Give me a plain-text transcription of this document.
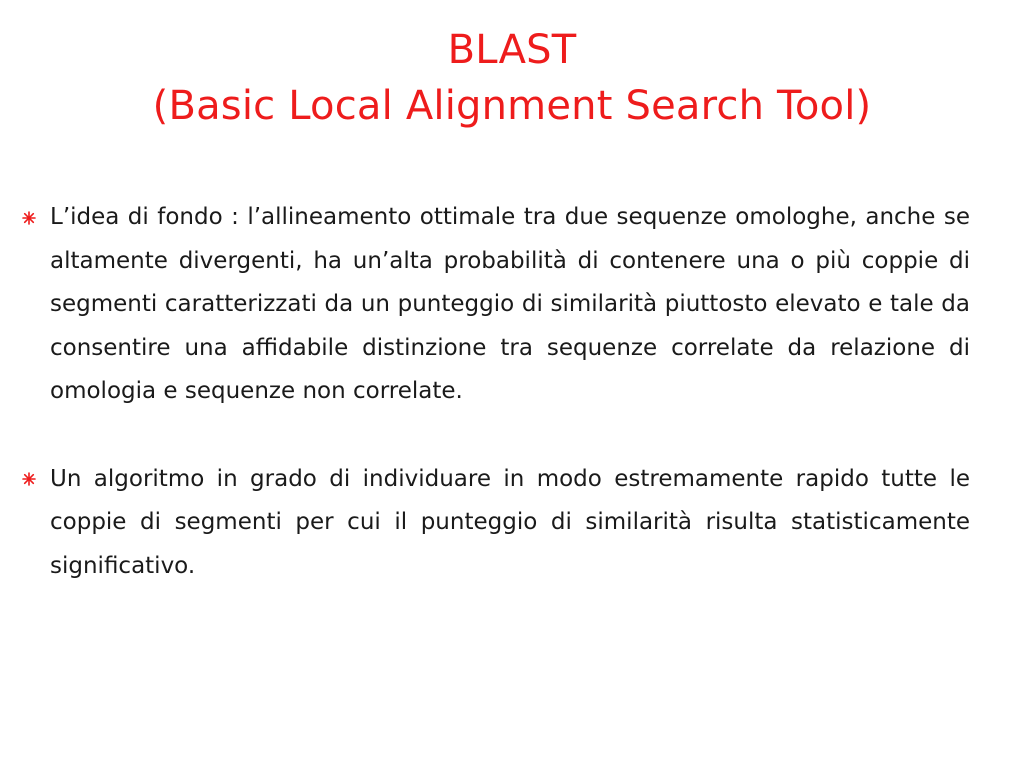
BLAST
(Basic Local Alignment Search Tool)
L’idea di fondo : l’allineamento ottimale tra due sequenze omologhe, anche se altamente divergenti, ha un’alta probabilità di contenere una o più coppie di segmenti caratterizzati da un punteggio di similarità piuttosto elevato e tale da consentire una affidabile distinzione tra sequenze correlate da relazione di omologia e sequenze non correlate.
Un algoritmo in grado di individuare in modo estremamente rapido tutte le coppie di segmenti per cui il punteggio di similarità risulta statisticamente significativo.
